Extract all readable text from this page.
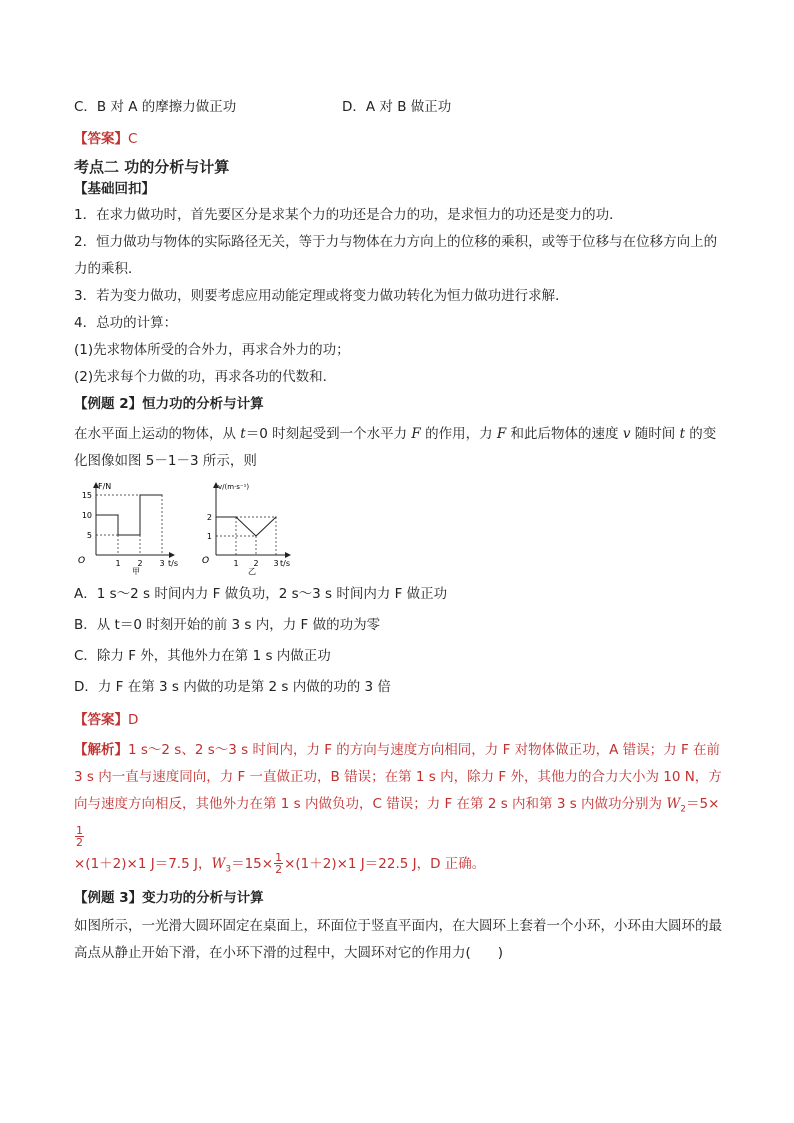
C．B 对 A 的摩擦力做正功	D．A 对 B 做正功
【答案】C
考点二 功的分析与计算
【基础回扣】
1．在求力做功时，首先要区分是求某个力的功还是合力的功，是求恒力的功还是变力的功．
2．恒力做功与物体的实际路径无关，等于力与物体在力方向上的位移的乘积，或等于位移与在位移方向上的力的乘积．
3．若为变力做功，则要考虑应用动能定理或将变力做功转化为恒力做功进行求解．
4．总功的计算：
(1)先求物体所受的合外力，再求合外力的功；
(2)先求每个力做的功，再求各功的代数和．
【例题 2】恒力功的分析与计算
在水平面上运动的物体，从 t＝0 时刻起受到一个水平力 F 的作用，力 F 和此后物体的速度 v 随时间 t 的变化图像如图 5－1－3 所示，则
F/N
t/s
O
15
10
5
1 2 3
甲
v/(m·s⁻¹)
t/s
O
2
1
1 2 3
乙
A．1 s～2 s 时间内力 F 做负功，2 s～3 s 时间内力 F 做正功
B．从 t＝0 时刻开始的前 3 s 内，力 F 做的功为零
C．除力 F 外，其他外力在第 1 s 内做正功
D．力 F 在第 3 s 内做的功是第 2 s 内做的功的 3 倍
【答案】D
【解析】1 s～2 s、2 s～3 s 时间内，力 F 的方向与速度方向相同，力 F 对物体做正功，A 错误；力 F 在前 3 s 内一直与速度同向，力 F 一直做正功，B 错误；在第 1 s 内，除力 F 外，其他力的合力大小为 10 N，方向与速度方向相反，其他外力在第 1 s 内做负功，C 错误；力 F 在第 2 s 内和第 3 s 内做功分别为 $W_2=5\times$
$\frac{1}{2}$

×(1＋2)×1 J＝7.5 J，$W_3=15\times \frac{1}{2} \times(1+2)\times 1$ J＝22.5 J，D 正确。
【例题 3】变力功的分析与计算
如图所示，一光滑大圆环固定在桌面上，环面位于竖直平面内，在大圆环上套着一个小环，小环由大圆环的最高点从静止开始下滑，在小环下滑的过程中，大圆环对它的作用力(　　)
